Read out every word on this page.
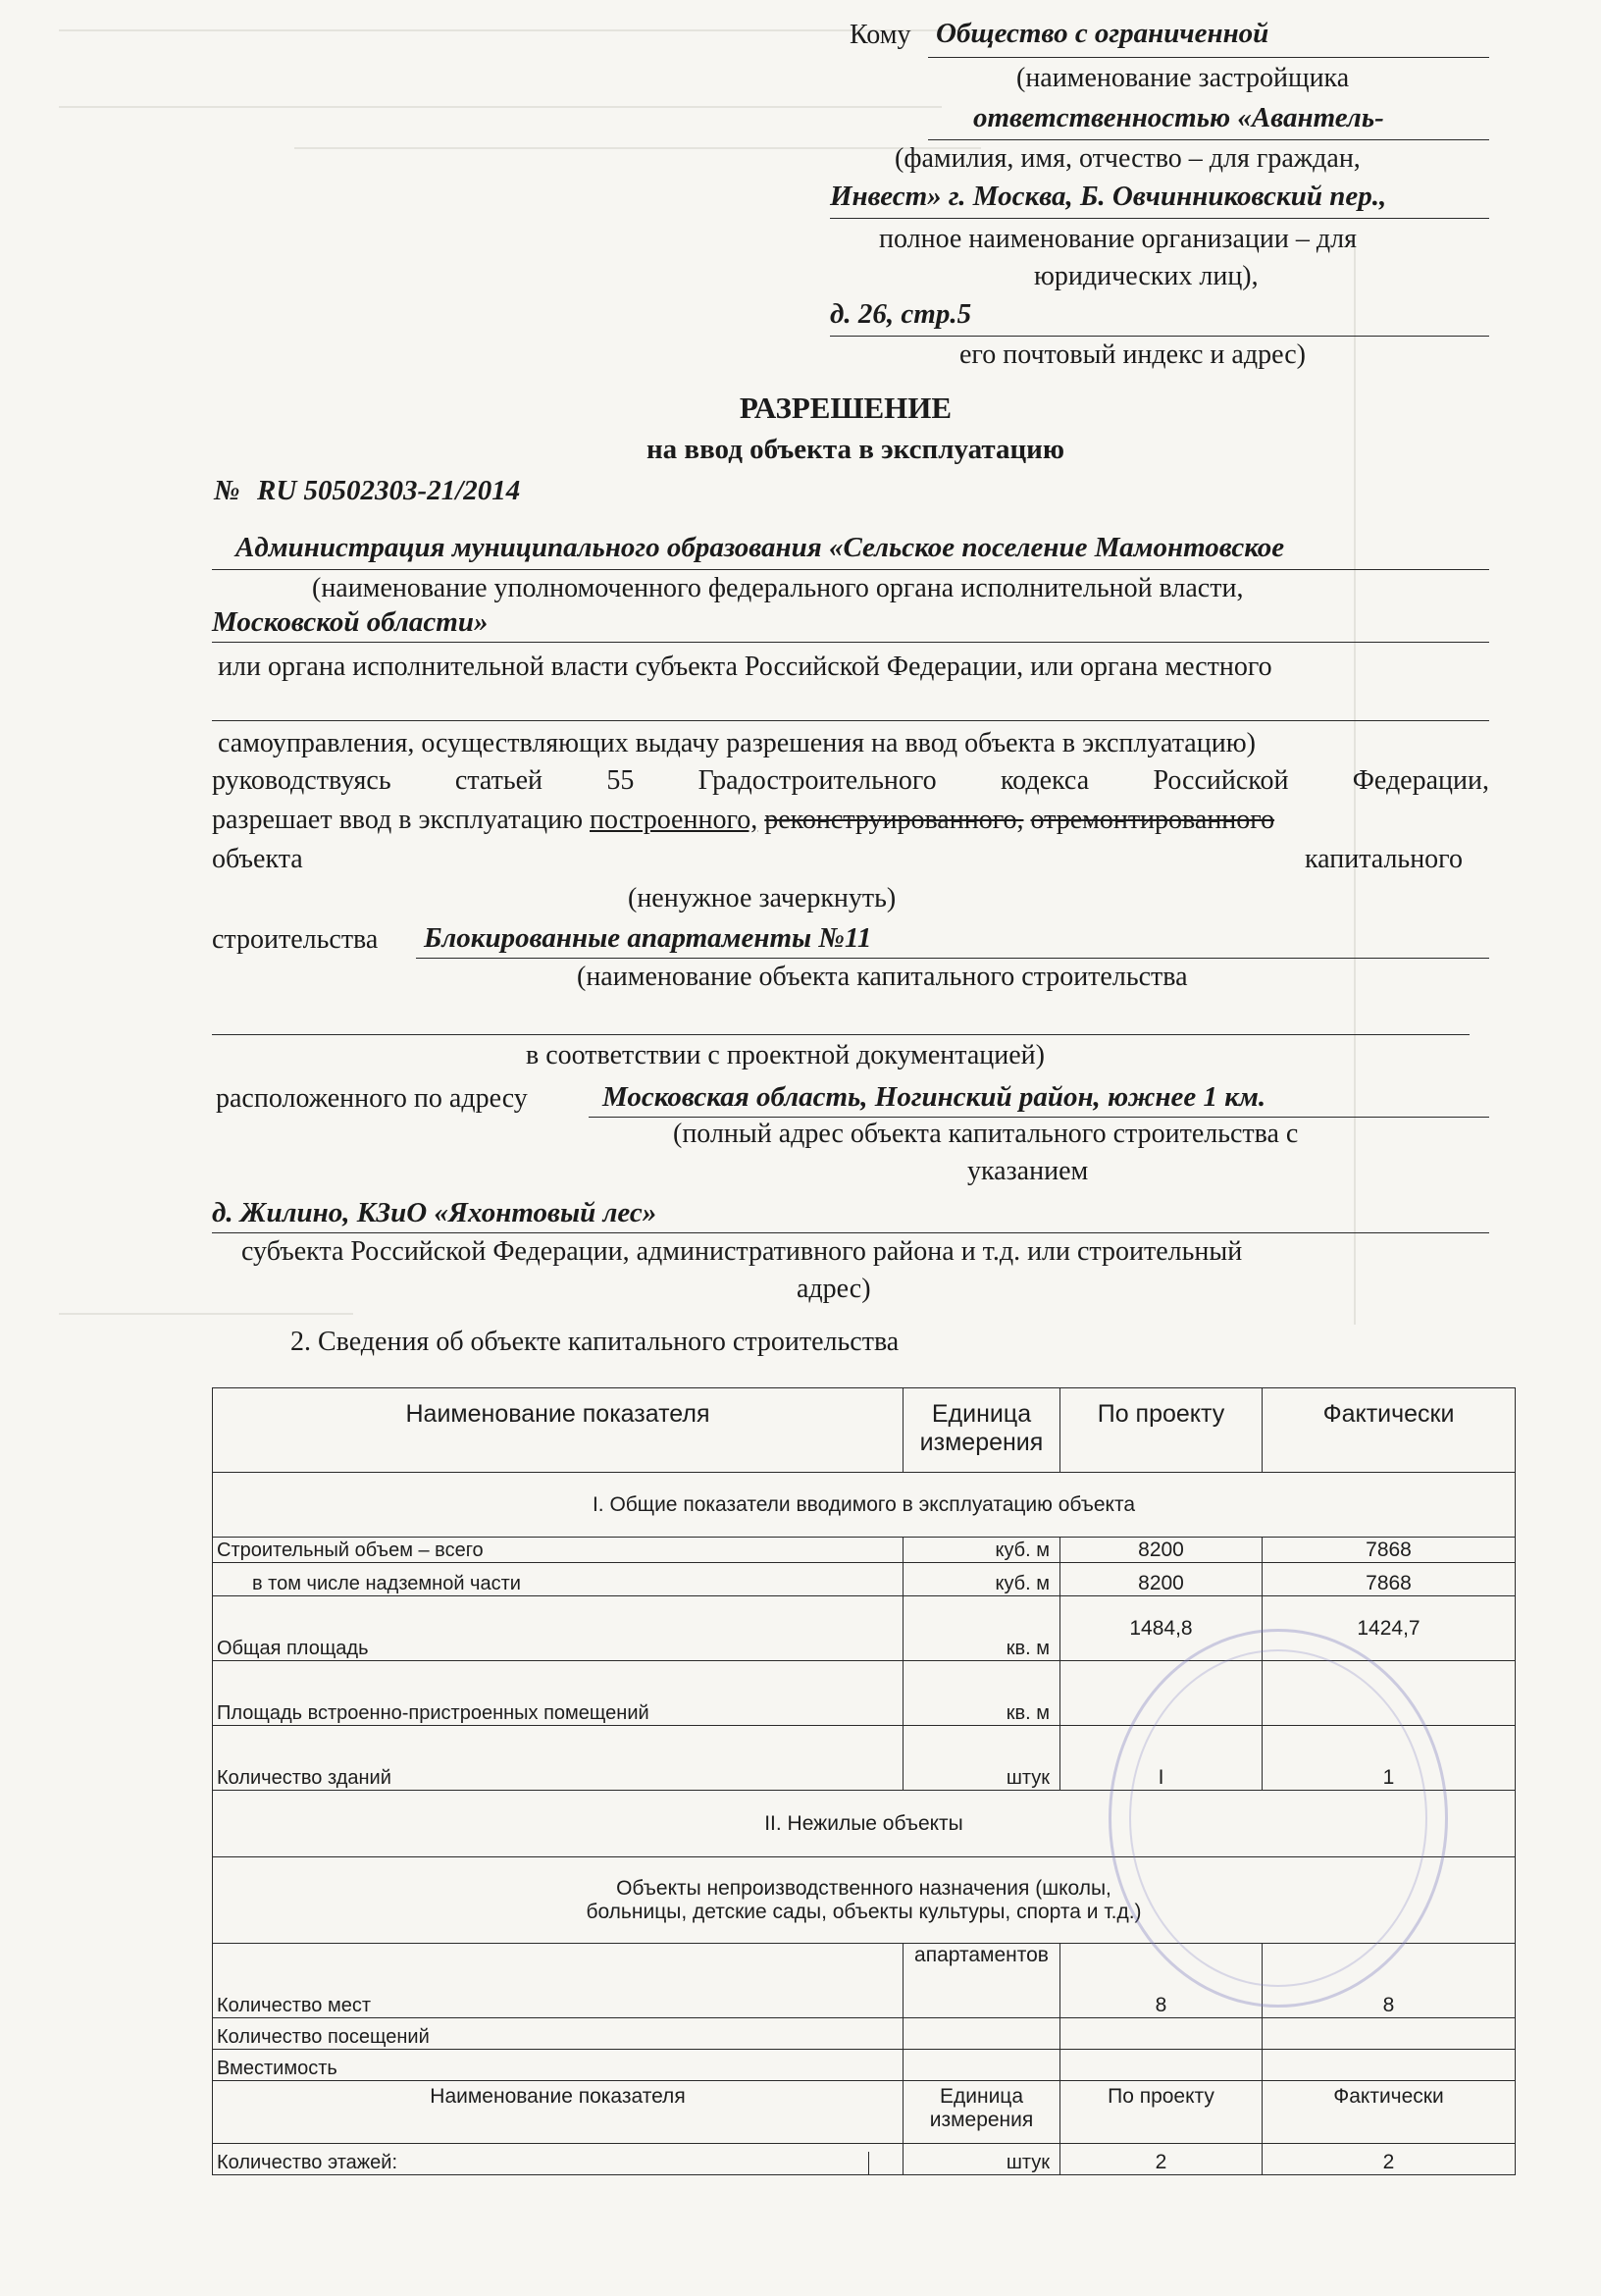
Кому Общество с ограниченной
(наименование застройщика
ответственностью «Авантель-
(фамилия, имя, отчество – для граждан,
Инвест» г. Москва, Б. Овчинниковский пер.,
полное наименование организации – для
юридических лиц),
д. 26, стр.5
его почтовый индекс и адрес)
РАЗРЕШЕНИЕ
на ввод объекта в эксплуатацию
№ RU 50502303-21/2014
Администрация муниципального образования «Сельское поселение Мамонтовское
(наименование уполномоченного федерального органа исполнительной власти,
Московской области»
или органа исполнительной власти субъекта Российской Федерации, или органа местного
самоуправления, осуществляющих выдачу разрешения на ввод объекта в эксплуатацию)
руководствуясь статьей 55 Градостроительного кодекса Российской Федерации,
разрешает ввод в эксплуатацию построенного, реконструированного, отремонтированного
объекта	капитального
(ненужное зачеркнуть)
строительства Блокированные апартаменты №11
(наименование объекта капитального строительства
в соответствии с проектной документацией)
расположенного по адресу	Московская область, Ногинский район, южнее 1 км.
(полный адрес объекта капитального строительства с
указанием
д. Жилино, КЗиО «Яхонтовый лес»
субъекта Российской Федерации, административного района и т.д. или строительный
адрес)
2. Сведения об объекте капитального строительства
Наименование показателя	Единица измерения	По проекту	Фактически
I. Общие показатели вводимого в эксплуатацию объекта			
Строительный объем – всего	куб. м	8200	7868
в том числе надземной части	куб. м	8200	7868
Общая площадь	кв. м	1484,8	1424,7
Площадь встроенно-пристроенных помещений	кв. м		
Количество зданий	штук	I	1
II. Нежилые объекты			
Объекты непроизводственного назначения (школы, больницы, детские сады, объекты культуры, спорта и т.д.)			
Количество мест	апартаментов	8	8
Количество посещений			
Вместимость			
Наименование показателя	Единица измерения	По проекту	Фактически

Количество этажей:	штук	2	2
